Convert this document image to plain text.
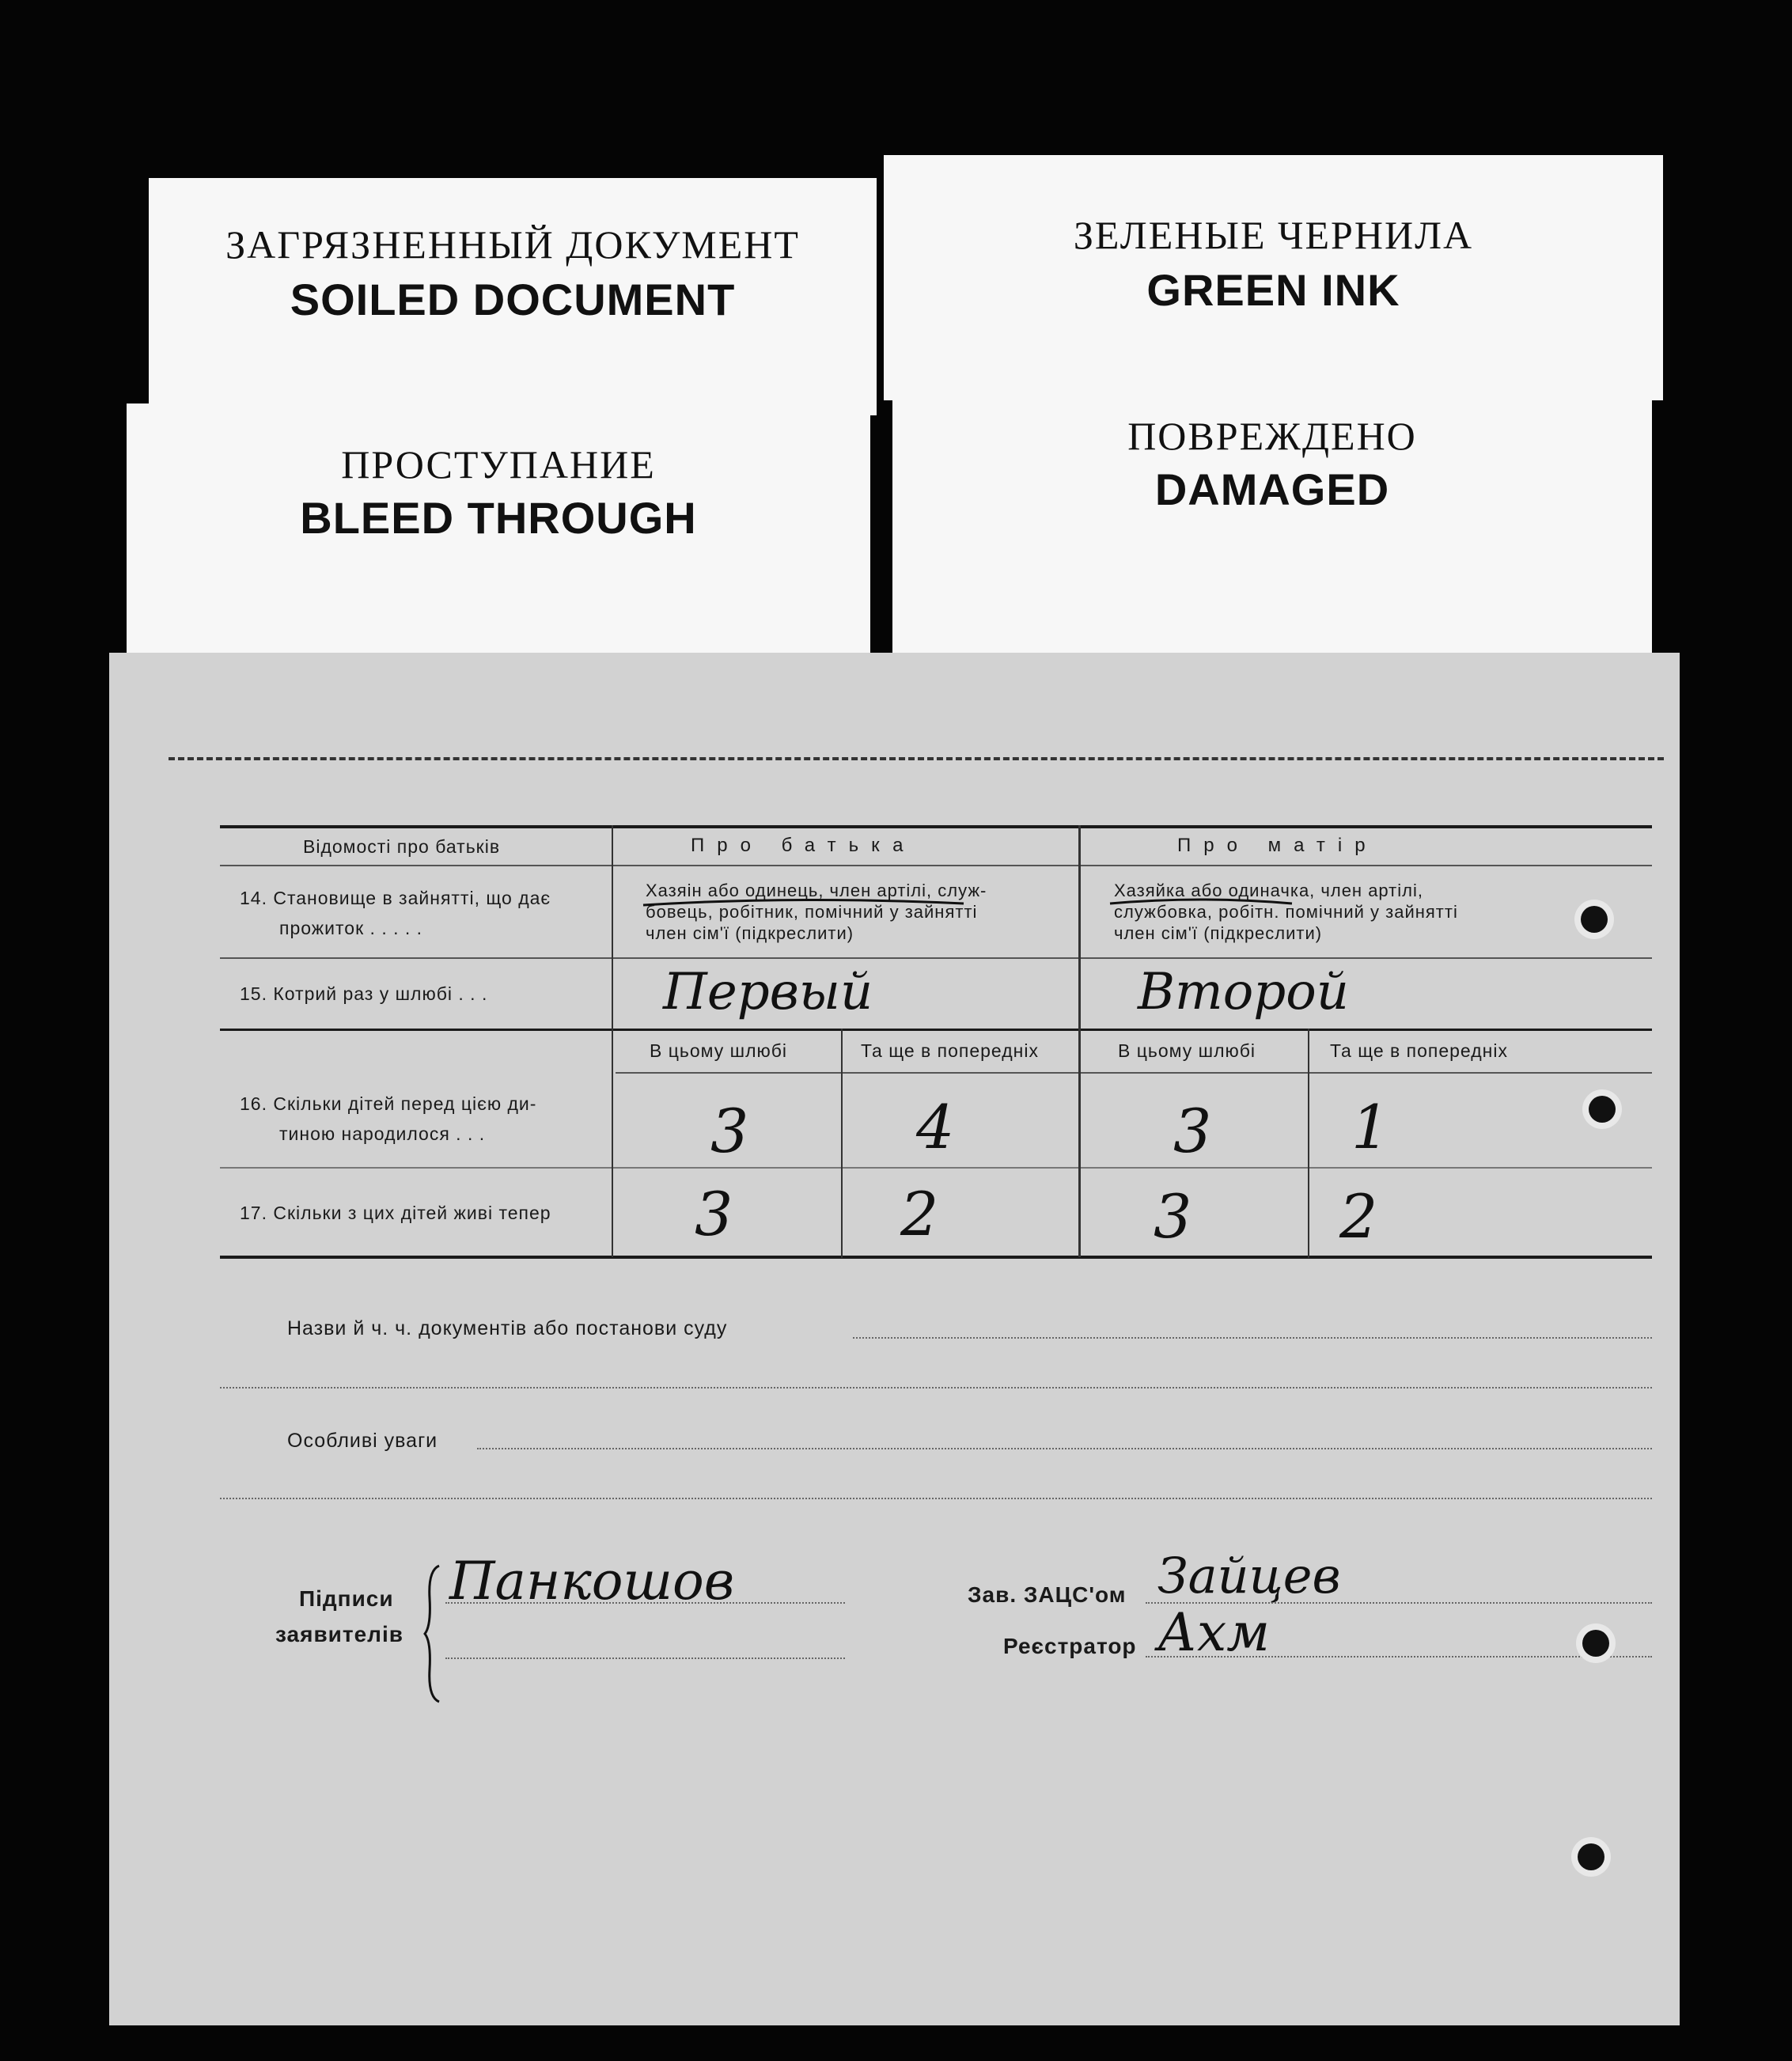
ЗАГРЯЗНЕННЫЙ ДОКУМЕНТ
SOILED DOCUMENT
ЗЕЛЕНЫЕ ЧЕРНИЛА
GREEN INK
ПРОСТУПАНИЕ
BLEED THROUGH
ПОВРЕЖДЕНО
DAMAGED
Відомості про батьків	Про батька	Про матір
14. Становище в зайнятті, що дає
прожиток . . . . .
Хазяін або одинець, член артілі, служ-
бовець, робітник, помічний у зайнятті
член сім'ї (підкреслити)
Хазяйка або одиначка, член артілі,
службовка, робітн. помічний у зайнятті
член сім'ї (підкреслити)
15. Котрий раз у шлюбі . . .	Первый	Второй
В цьому шлюбі	Та ще в попередніх	В цьому шлюбі	Та ще в попередніх
16. Скільки дітей перед цією ди-
тиною народилося . . .	3	4	3 1
17. Скільки з цих дітей живі тепер 3	2	3 2
Назви й ч. ч. документів або постанови суду
Особливі уваги
Підписи
заявителів
Панкошов	Зав. ЗАЦС'ом Зайцев
Реєстратор Ахм
